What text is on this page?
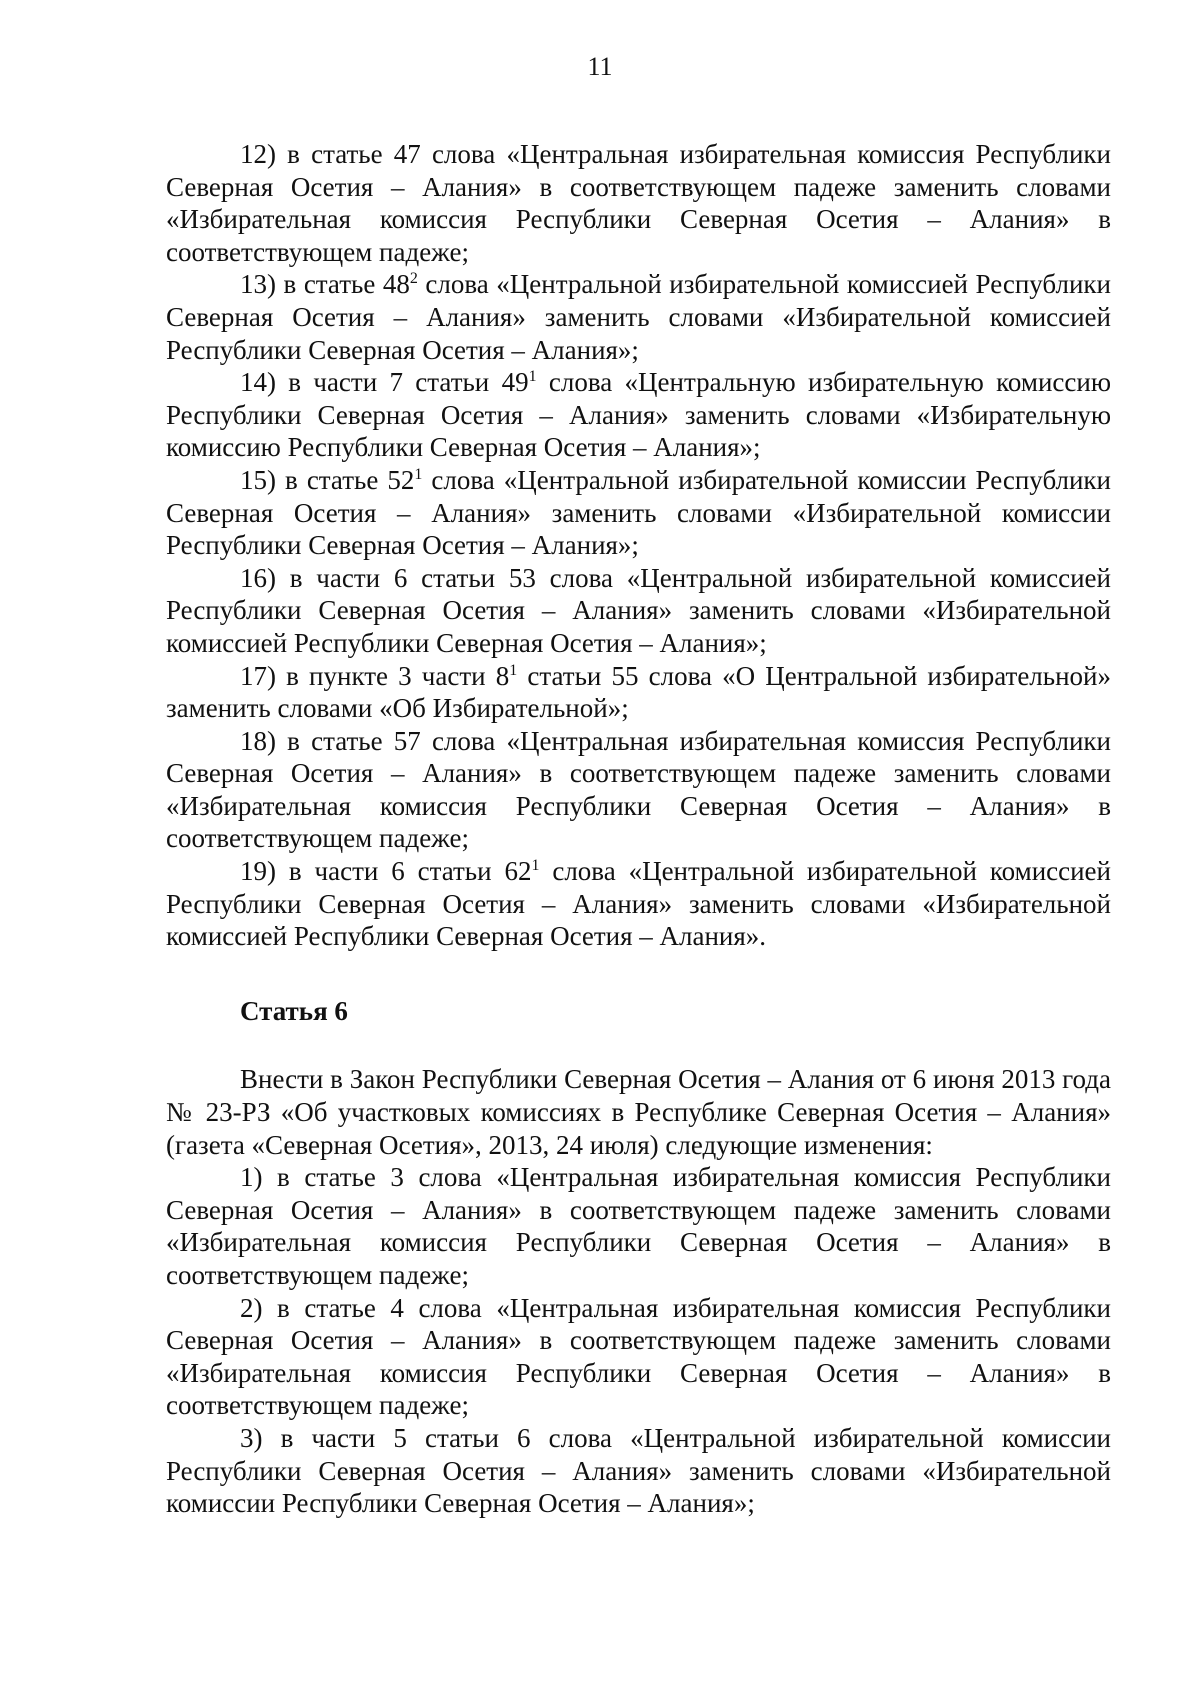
11

12) в статье 47 слова «Центральная избирательная комиссия Республики Северная Осетия – Алания» в соответствующем падеже заменить словами «Избирательная комиссия Республики Северная Осетия – Алания» в соответствующем падеже;

13) в статье $48^2$ слова «Центральной избирательной комиссией Республики Северная Осетия – Алания» заменить словами «Избирательной комиссией Республики Северная Осетия – Алания»;

14) в части 7 статьи $49^1$ слова «Центральную избирательную комиссию Республики Северная Осетия – Алания» заменить словами «Избирательную комиссию Республики Северная Осетия – Алания»;

15) в статье $52^1$ слова «Центральной избирательной комиссии Республики Северная Осетия – Алания» заменить словами «Избирательной комиссии Республики Северная Осетия – Алания»;

16) в части 6 статьи 53 слова «Центральной избирательной комиссией Республики Северная Осетия – Алания» заменить словами «Избирательной комиссией Республики Северная Осетия – Алания»;

17) в пункте 3 части $8^1$ статьи 55 слова «О Центральной избирательной» заменить словами «Об Избирательной»;

18) в статье 57 слова «Центральная избирательная комиссия Республики Северная Осетия – Алания» в соответствующем падеже заменить словами «Избирательная комиссия Республики Северная Осетия – Алания» в соответствующем падеже;

19) в части 6 статьи $62^1$ слова «Центральной избирательной комиссией Республики Северная Осетия – Алания» заменить словами «Избирательной комиссией Республики Северная Осетия – Алания».

Статья 6

Внести в Закон Республики Северная Осетия – Алания от 6 июня 2013 года № 23-РЗ «Об участковых комиссиях в Республике Северная Осетия – Алания» (газета «Северная Осетия», 2013, 24 июля) следующие изменения:

1) в статье 3 слова «Центральная избирательная комиссия Республики Северная Осетия – Алания» в соответствующем падеже заменить словами «Избирательная комиссия Республики Северная Осетия – Алания» в соответствующем падеже;

2) в статье 4 слова «Центральная избирательная комиссия Республики Северная Осетия – Алания» в соответствующем падеже заменить словами «Избирательная комиссия Республики Северная Осетия – Алания» в соответствующем падеже;

3) в части 5 статьи 6 слова «Центральной избирательной комиссии Республики Северная Осетия – Алания» заменить словами «Избирательной комиссии Республики Северная Осетия – Алания»;
